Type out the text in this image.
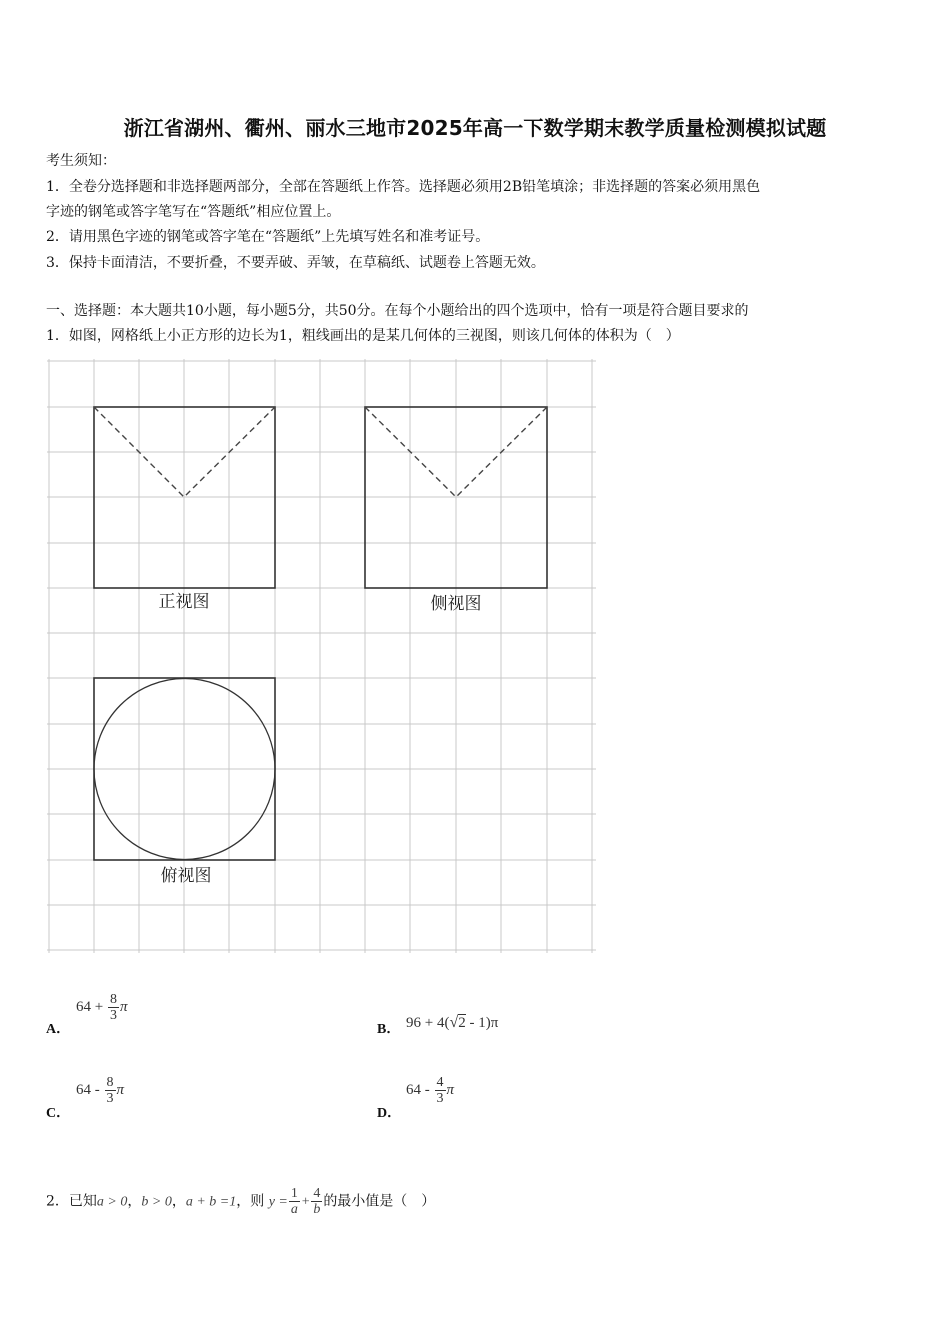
浙江省湖州、衢州、丽水三地市2025年高一下数学期末教学质量检测模拟试题
考生须知：
1．全卷分选择题和非选择题两部分，全部在答题纸上作答。选择题必须用2B铅笔填涂；非选择题的答案必须用黑色
字迹的钢笔或答字笔写在“答题纸”相应位置上。
2．请用黑色字迹的钢笔或答字笔在“答题纸”上先填写姓名和准考证号。
3．保持卡面清洁，不要折叠，不要弄破、弄皱，在草稿纸、试题卷上答题无效。
一、选择题：本大题共10小题，每小题5分，共50分。在每个小题给出的四个选项中，恰有一项是符合题目要求的
1．如图，网格纸上小正方形的边长为1，粗线画出的是某几何体的三视图，则该几何体的体积为（　）
正视图	侧视图
俯视图
A．
$64 + \frac{8}{3}$ π
B． 96 + 4(√2 - 1)π
C．
$64 - \frac{8}{3}$ π
D．
$64 - \frac{4}{3}$ π
2．已知a > 0，b > 0，a + b =1，则 $y = \frac{1}{a} + \frac{4}{b}$ 的最小值是（　）
